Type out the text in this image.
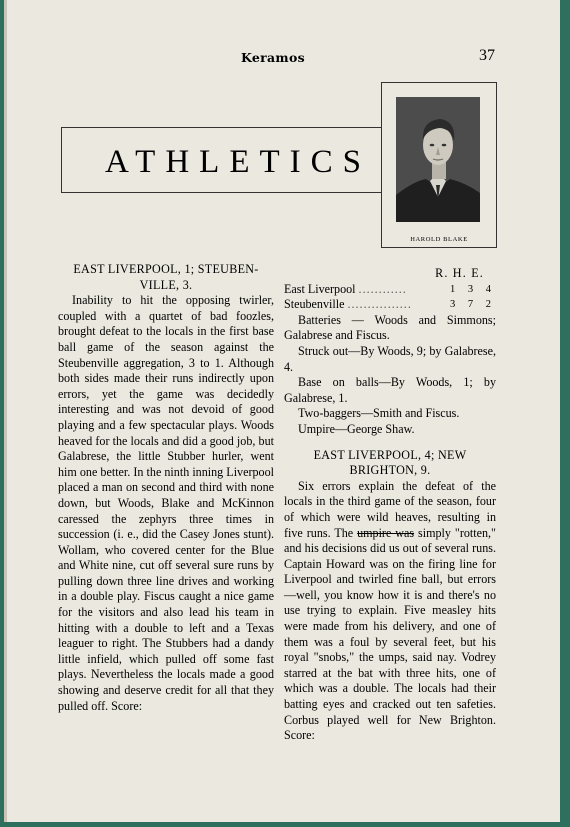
Keramos	37
ATHLETICS
HAROLD BLAKE

EAST LIVERPOOL, 1; STEUBEN-

VILLE, 3.

Inability to hit the opposing twirler, coupled with a quartet of bad foozles, brought defeat to the locals in the first base ball game of the season against the Steubenville aggregation, 3 to 1. Although both sides made their runs indirectly upon errors, yet the game was decidedly interesting and was not devoid of good playing and a few spectacular plays. Woods heaved for the locals and did a good job, but Galabrese, the little Stubber hurler, went him one better. In the ninth inning Liverpool placed a man on second and third with none down, but Woods, Blake and McKinnon caressed the zephyrs three times in succession (i. e., did the Casey Jones stunt). Wollam, who covered center for the Blue and White nine, cut off several sure runs by pulling down three line drives and working in a double play. Fiscus caught a nice game for the visitors and also lead his team in hitting with a double to left and a Texas leaguer to right. The Stubbers had a dandy little infield, which pulled off some fast plays. Nevertheless the locals made a good showing and deserve credit for all that they pulled off. Score:

R. H. E.
East Liverpool ............	1 3 4
Steubenville ................	3 7 2

Batteries — Woods and Simmons; Galabrese and Fiscus.

Struck out—By Woods, 9; by Galabrese, 4.

Base on balls—By Woods, 1; by Galabrese, 1.

Two-baggers—Smith and Fiscus.

Umpire—George Shaw.

EAST LIVERPOOL, 4; NEW

BRIGHTON, 9.

Six errors explain the defeat of the locals in the third game of the season, four of which were wild heaves, resulting in five runs. The umpire was simply "rotten," and his decisions did us out of several runs. Captain Howard was on the firing line for Liverpool and twirled fine ball, but errors —well, you know how it is and there's no use trying to explain. Five measley hits were made from his delivery, and one of them was a foul by several feet, but his royal "snobs," the umps, said nay. Vodrey starred at the bat with three hits, one of which was a double. The locals had their batting eyes and cracked out ten safeties. Corbus played well for New Brighton. Score:
